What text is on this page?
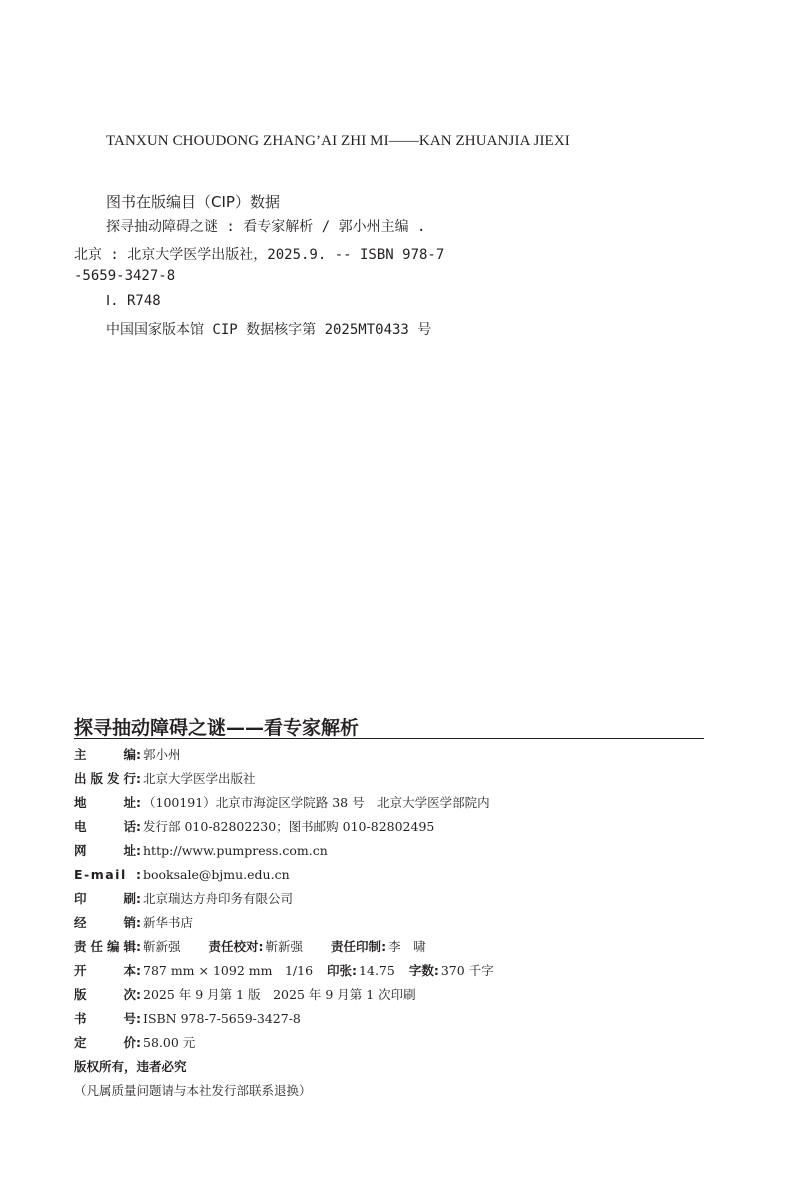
TANXUN CHOUDONG ZHANG’AI ZHI MI——KAN ZHUANJIA JIEXI
图书在版编目（CIP）数据
探寻抽动障碍之谜 : 看专家解析 / 郭小州主编 .
北京 : 北京大学医学出版社，2025.9. -- ISBN 978-7
-5659-3427-8
Ⅰ. R748
中国国家版本馆 CIP 数据核字第 2025MT0433 号
探寻抽动障碍之谜——看专家解析
主编: 郭小州
出版发行: 北京大学医学出版社
地址: （100191）北京市海淀区学院路 38 号　北京大学医学部院内
电话: 发行部 010-82802230；图书邮购 010-82802495
网址: http://www.pumpress.com.cn
E-mail : booksale@bjmu.edu.cn
印刷: 北京瑞达方舟印务有限公司
经销: 新华书店
责任编辑: 靳新强 责任校对: 靳新强 责任印制: 李　啸
开本: 787 mm × 1092 mm　1/16 印张: 14.75 字数: 370 千字
版次: 2025 年 9 月第 1 版　2025 年 9 月第 1 次印刷
书号: ISBN 978-7-5659-3427-8
定价: 58.00 元
版权所有，违者必究
（凡属质量问题请与本社发行部联系退换）
